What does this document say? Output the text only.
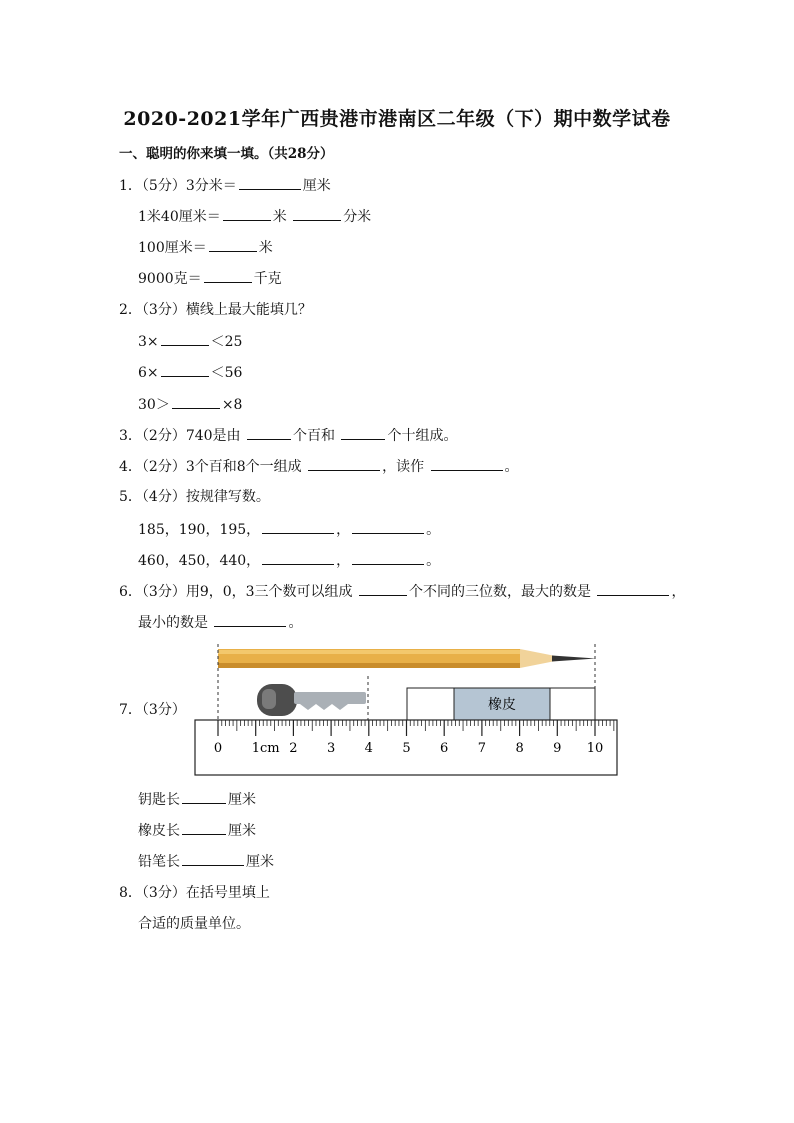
2020-2021学年广西贵港市港南区二年级（下）期中数学试卷
一、聪明的你来填一填。（共28分）
1．（5分）3分米＝	厘米
1米40厘米＝	米	分米
100厘米＝	米
9000克＝	千克
2．（3分）横线上最大能填几？
3×	＜25
6×	＜56
30＞	×8
3．（2分）740是由	个百和	个十组成。
4．（2分）3个百和8个一组成	，读作	。
5．（4分）按规律写数。
185，190，195，	，	。
460，450，440，	，	。
6．（3分）用9，0，3三个数可以组成	个不同的三位数，最大的数是	，
最小的数是	。
7．（3分）	橡皮
0 1cm 2 3 4 5 6 7 8 9 10
钥匙长	厘米
橡皮长	厘米
铅笔长	厘米
8．（3分）在括号里填上
合适的质量单位。
